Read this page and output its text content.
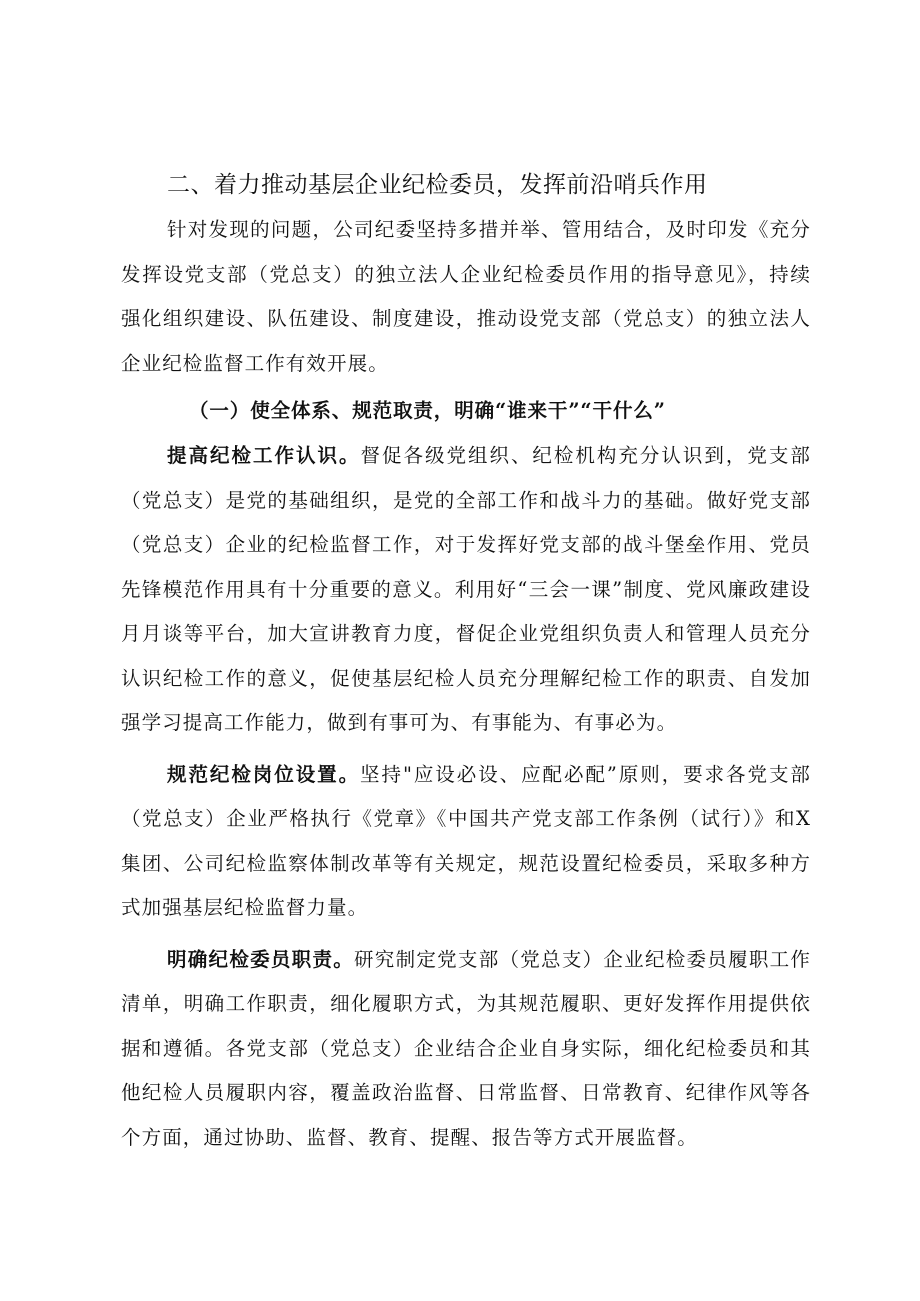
二、着力推动基层企业纪检委员，发挥前沿哨兵作用

针对发现的问题，公司纪委坚持多措并举、管用结合，及时印发《充分发挥设党支部（党总支）的独立法人企业纪检委员作用的指导意见》，持续强化组织建设、队伍建设、制度建设，推动设党支部（党总支）的独立法人企业纪检监督工作有效开展。

（一）使全体系、规范取责，明确“谁来干”“干什么”

提高纪检工作认识。督促各级党组织、纪检机构充分认识到，党支部（党总支）是党的基础组织，是党的全部工作和战斗力的基础。做好党支部（党总支）企业的纪检监督工作，对于发挥好党支部的战斗堡垒作用、党员先锋模范作用具有十分重要的意义。利用好“三会一课”制度、党风廉政建设月月谈等平台，加大宣讲教育力度，督促企业党组织负责人和管理人员充分认识纪检工作的意义，促使基层纪检人员充分理解纪检工作的职责、自发加强学习提高工作能力，做到有事可为、有事能为、有事必为。

规范纪检岗位设置。坚持"应设必设、应配必配”原则，要求各党支部（党总支）企业严格执行《党章》《中国共产党支部工作条例（试行）》和X集团、公司纪检监察体制改革等有关规定，规范设置纪检委员，采取多种方式加强基层纪检监督力量。

明确纪检委员职责。研究制定党支部（党总支）企业纪检委员履职工作清单，明确工作职责，细化履职方式，为其规范履职、更好发挥作用提供依据和遵循。各党支部（党总支）企业结合企业自身实际，细化纪检委员和其他纪检人员履职内容，覆盖政治监督、日常监督、日常教育、纪律作风等各个方面，通过协助、监督、教育、提醒、报告等方式开展监督。
